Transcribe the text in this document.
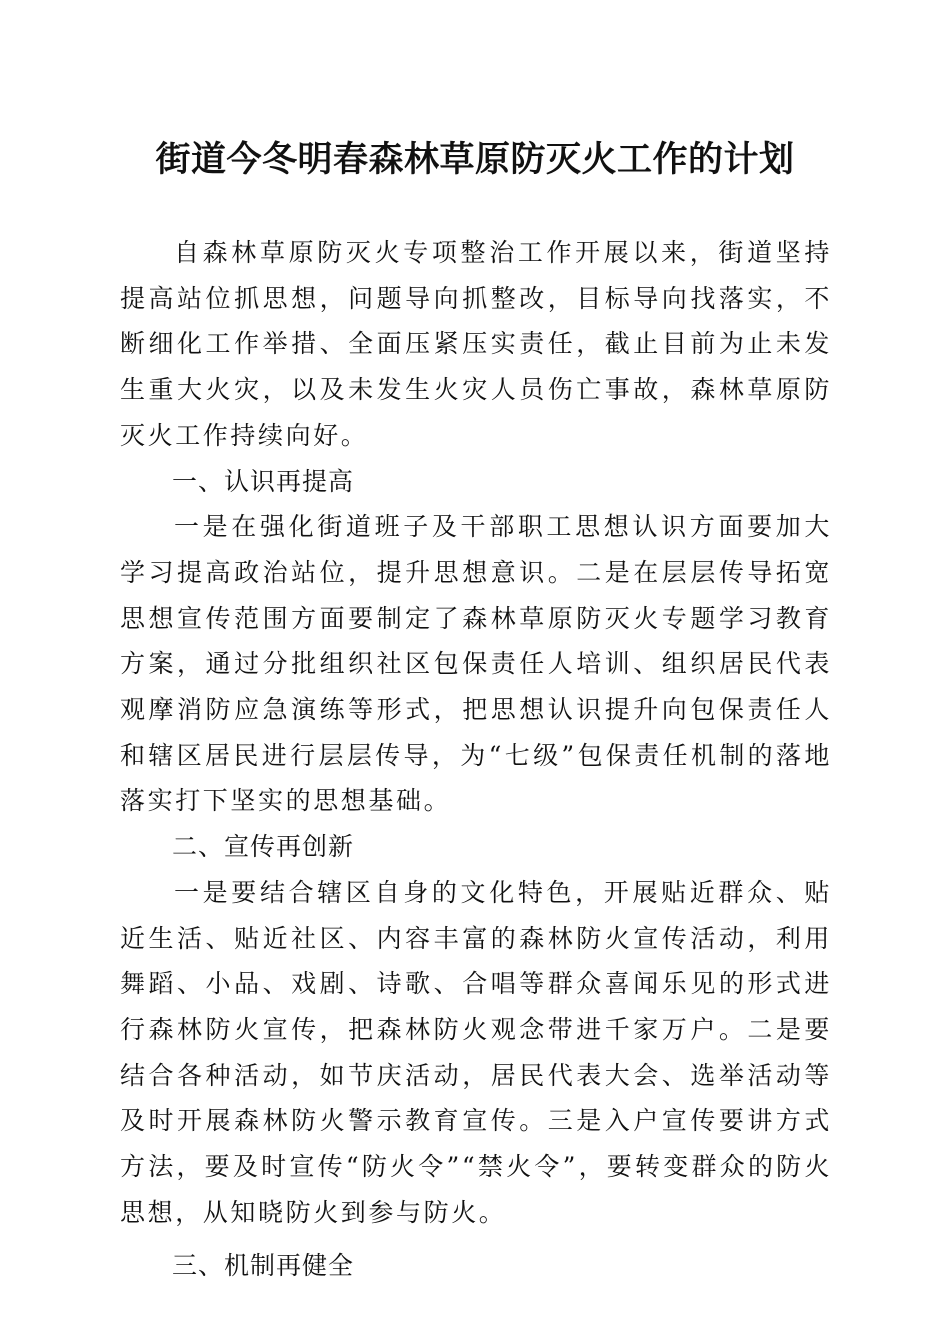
街道今冬明春森林草原防灭火工作的计划

自森林草原防灭火专项整治工作开展以来，街道坚持提高站位抓思想，问题导向抓整改，目标导向找落实，不断细化工作举措、全面压紧压实责任，截止目前为止未发生重大火灾，以及未发生火灾人员伤亡事故，森林草原防灭火工作持续向好。

一、认识再提高

一是在强化街道班子及干部职工思想认识方面要加大学习提高政治站位，提升思想意识。二是在层层传导拓宽思想宣传范围方面要制定了森林草原防灭火专题学习教育方案，通过分批组织社区包保责任人培训、组织居民代表观摩消防应急演练等形式，把思想认识提升向包保责任人和辖区居民进行层层传导，为“七级”包保责任机制的落地落实打下坚实的思想基础。

二、宣传再创新

一是要结合辖区自身的文化特色，开展贴近群众、贴近生活、贴近社区、内容丰富的森林防火宣传活动，利用舞蹈、小品、戏剧、诗歌、合唱等群众喜闻乐见的形式进行森林防火宣传，把森林防火观念带进千家万户。二是要结合各种活动，如节庆活动，居民代表大会、选举活动等及时开展森林防火警示教育宣传。三是入户宣传要讲方式方法，要及时宣传“防火令”“禁火令”，要转变群众的防火思想，从知晓防火到参与防火。

三、机制再健全
